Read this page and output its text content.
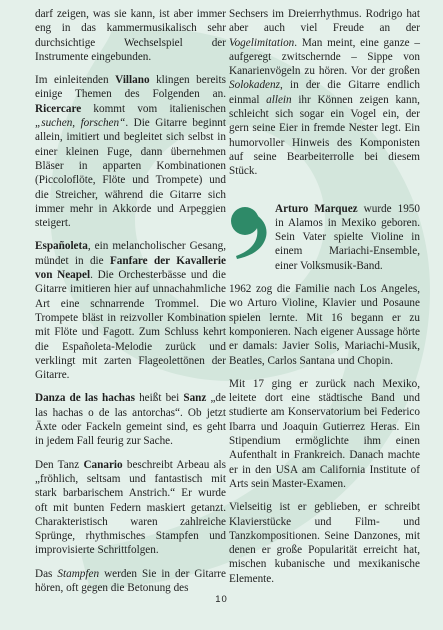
darf zeigen, was sie kann, ist aber immer eng in das kammermusikalisch sehr durchsichtige Wechselspiel der Instrumente eingebunden.

Im einleitenden Villano klingen bereits einige Themen des Folgenden an. Ricercare kommt vom italienischen „suchen, forschen“. Die Gitarre beginnt allein, imitiert und begleitet sich selbst in einer kleinen Fuge, dann übernehmen Bläser in apparten Kombinationen (Piccoloflöte, Flöte und Trompete) und die Streicher, während die Gitarre sich immer mehr in Akkorde und Arpeggien steigert.

Españoleta, ein melancholischer Gesang, mündet in die Fanfare der Kavallerie von Neapel. Die Orchesterbässe und die Gitarre imitieren hier auf unnachahmliche Art eine schnarrende Trommel. Die Trompete bläst in reizvoller Kombination mit Flöte und Fagott. Zum Schluss kehrt die Españoleta-Melodie zurück und verklingt mit zarten Flageolettönen der Gitarre.

Danza de las hachas heißt bei Sanz „de las hachas o de las antorchas“. Ob jetzt Äxte oder Fackeln gemeint sind, es geht in jedem Fall feurig zur Sache.

Den Tanz Canario beschreibt Arbeau als „fröhlich, seltsam und fantastisch mit stark barbarischem Anstrich.“ Er wurde oft mit bunten Federn maskiert getanzt. Charakteristisch waren zahlreiche Sprünge, rhythmisches Stampfen und improvisierte Schrittfolgen.

Das Stampfen werden Sie in der Gitarre hören, oft gegen die Betonung des

Sechsers im Dreierrhythmus. Rodrigo hat aber auch viel Freude an der Vogelimitation. Man meint, eine ganze – aufgeregt zwitschernde – Sippe von Kanarienvögeln zu hören. Vor der großen Solokadenz, in der die Gitarre endlich einmal allein ihr Können zeigen kann, schleicht sich sogar ein Vogel ein, der gern seine Eier in fremde Nester legt. Ein humorvoller Hinweis des Komponisten auf seine Bearbeiterrolle bei diesem Stück.

Arturo Marquez wurde 1950 in Alamos in Mexiko geboren. Sein Vater spielte Violine in einem Mariachi-Ensemble, einer Volksmusik-Band.

1962 zog die Familie nach Los Angeles, wo Arturo Violine, Klavier und Posaune spielen lernte. Mit 16 begann er zu komponieren. Nach eigener Aussage hörte er damals: Javier Solis, Mariachi-Musik, Beatles, Carlos Santana und Chopin.

Mit 17 ging er zurück nach Mexiko, leitete dort eine städtische Band und studierte am Konservatorium bei Federico Ibarra und Joaquin Gutierrez Heras. Ein Stipendium ermöglichte ihm einen Aufenthalt in Frankreich. Danach machte er in den USA am California Institute of Arts sein Master-Examen.

Vielseitig ist er geblieben, er schreibt Klavierstücke und Film- und Tanzkompositionen. Seine Danzones, mit denen er große Popularität erreicht hat, mischen kubanische und mexikanische Elemente.

10
